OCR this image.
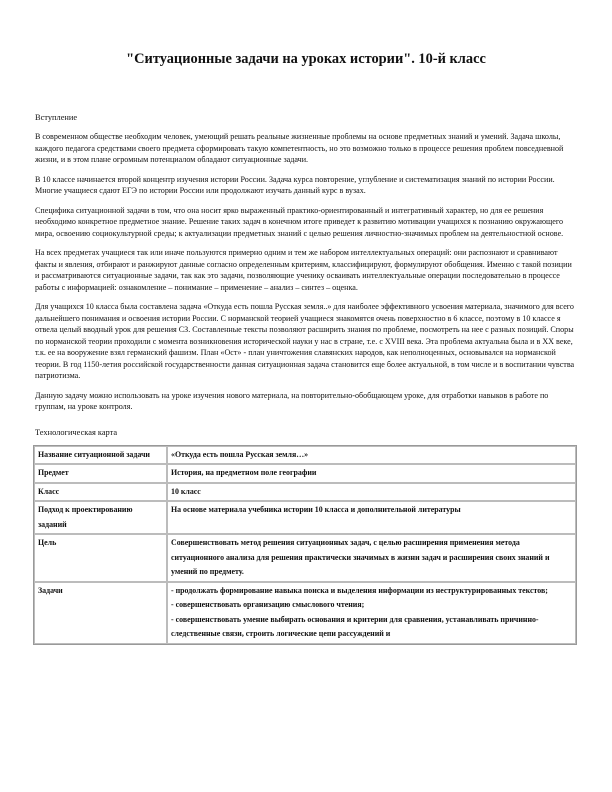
"Ситуационные задачи на уроках истории". 10-й класс
Вступление

В современном обществе необходим человек, умеющий решать реальные жизненные проблемы на основе предметных знаний и умений. Задача школы, каждого педагога средствами своего предмета сформировать такую компетентность, но это возможно только в процессе решения проблем повседневной жизни, и в этом плане огромным потенциалом обладают ситуационные задачи.

В 10 классе начинается второй концентр изучения истории России. Задача курса повторение, углубление и систематизация знаний по истории России. Многие учащиеся сдают ЕГЭ по истории России или продолжают изучать данный курс в вузах.

Специфика ситуационной задачи в том, что она носит ярко выраженный практико-ориентированный и интегративный характер, но для ее решения необходимо конкретное предметное знание. Решение таких задач в конечном итоге приведет к развитию мотивации учащихся к познанию окружающего мира, освоению социокультурной среды; к актуализации предметных знаний с целью решения личностно-значимых проблем на деятельностной основе.

На всех предметах учащиеся так или иначе пользуются примерно одним и тем же набором интеллектуальных операций: они распознают и сравнивают факты и явления, отбирают и ранжируют данные согласно определенным критериям, классифицируют, формулируют обобщения. Именно с такой позиции и рассматриваются ситуационные задачи, так как это задачи, позволяющие ученику осваивать интеллектуальные операции последовательно в процессе работы с информацией: ознакомление – понимание – применение – анализ – синтез – оценка.

Для учащихся 10 класса была составлена задача «Откуда есть пошла Русская земля..» для наиболее эффективного усвоения материала, значимого для всего дальнейшего понимания и освоения истории России. С норманской теорией учащиеся знакомятся очень поверхностно в 6 классе, поэтому в 10 классе я отвела целый вводный урок для решения СЗ. Составленные тексты позволяют расширить знания по проблеме, посмотреть на нее с разных позиций. Споры по норманской теории проходили с момента возникновения исторической науки у нас в стране, т.е. с XVIII века. Эта проблема актуальна была и в XX веке, т.к. ее на вооружение взял германский фашизм. План «Ост» - план уничтожения славянских народов, как неполноценных, основывался на норманской теории. В год 1150-летия российской государственности данная ситуационная задача становится еще более актуальной, в том числе и в воспитании чувства патриотизма.

Данную задачу можно использовать на уроке изучения нового материала, на повторительно-обобщающем уроке, для отработки навыков в работе по группам, на уроке контроля.

Технологическая карта
Название ситуационной задачи	«Откуда есть пошла Русская земля…»
Предмет	История, на предметном поле географии
Класс	10 класс
Подход к проектированию заданий	На основе материала учебника истории 10 класса и дополнительной литературы
Цель	Совершенствовать метод решения ситуационных задач, с целью расширения применения метода ситуационного анализа для решения практически значимых в жизни задач и расширения своих знаний и умений по предмету.
Задачи	- продолжать формирование навыка поиска и выделения информации из неструктурированных текстов;
- совершенствовать организацию смыслового чтения;
- совершенствовать умение выбирать основания и критерии для сравнения, устанавливать причинно-следственные связи, строить логические цепи рассуждений и
